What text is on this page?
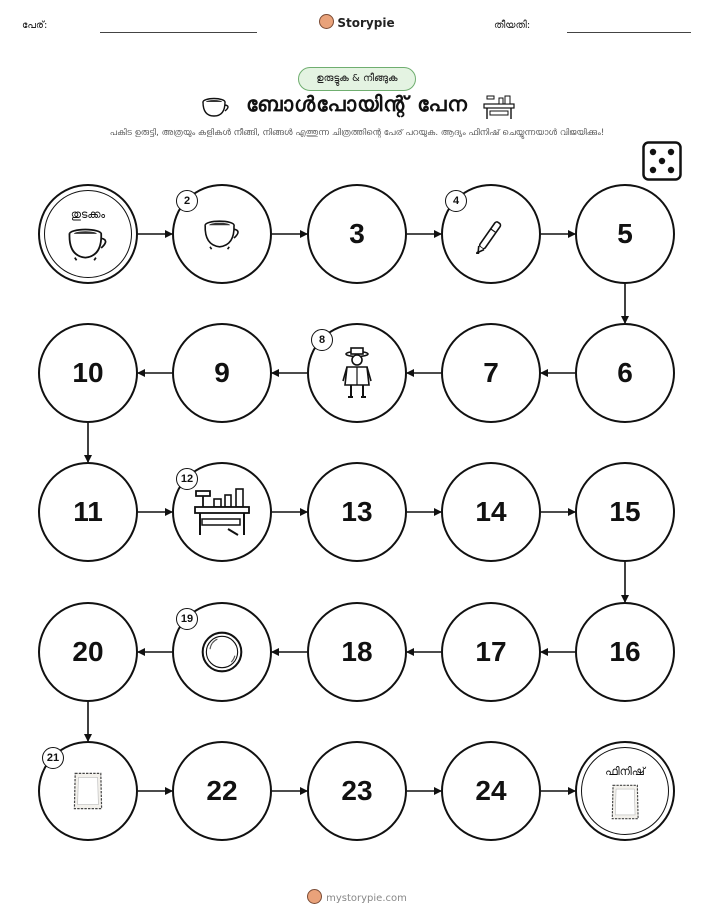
പേര്:	Storypie	തീയതി:
ഉരുട്ടുക & നീങ്ങുക
ബോൾപോയിന്റ് പേന
പകിട ഉരുട്ടി, അത്രയും കളികൾ നീങ്ങി, നിങ്ങൾ എത്തുന്ന ചിത്രത്തിന്റെ പേര് പറയുക. ആദ്യം ഫിനിഷ് ചെയ്യുന്നയാൾ വിജയിക്കും!
തുടക്കം
2
3
4
5
6
7
8
9
10
11
12
13	14	15
16
17
18
19
20
21
22	23	24
ഫിനിഷ്
mystorypie.com
